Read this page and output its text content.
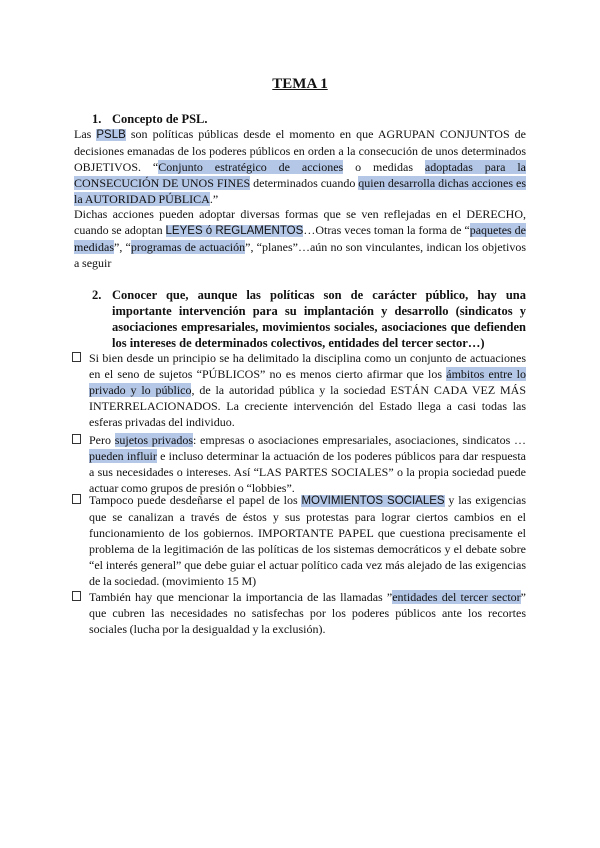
TEMA 1
1. Concepto de PSL.
Las PSLB son políticas públicas desde el momento en que AGRUPAN CONJUNTOS de decisiones emanadas de los poderes públicos en orden a la consecución de unos determinados OBJETIVOS. “Conjunto estratégico de acciones o medidas adoptadas para la CONSECUCIÓN DE UNOS FINES determinados cuando quien desarrolla dichas acciones es la AUTORIDAD PÚBLICA.”
Dichas acciones pueden adoptar diversas formas que se ven reflejadas en el DERECHO, cuando se adoptan LEYES ó REGLAMENTOS…Otras veces toman la forma de “paquetes de medidas”, “programas de actuación”, “planes”…aún no son vinculantes, indican los objetivos a seguir
2. Conocer que, aunque las políticas son de carácter público, hay una importante intervención para su implantación y desarrollo (sindicatos y asociaciones empresariales, movimientos sociales, asociaciones que defienden los intereses de determinados colectivos, entidades del tercer sector…)
Si bien desde un principio se ha delimitado la disciplina como un conjunto de actuaciones en el seno de sujetos “PÚBLICOS” no es menos cierto afirmar que los ámbitos entre lo privado y lo público, de la autoridad pública y la sociedad ESTÁN CADA VEZ MÁS INTERRELACIONADOS. La creciente intervención del Estado llega a casi todas las esferas privadas del individuo.
Pero sujetos privados: empresas o asociaciones empresariales, asociaciones, sindicatos … pueden influir e incluso determinar la actuación de los poderes públicos para dar respuesta a sus necesidades o intereses. Así “LAS PARTES SOCIALES” o la propia sociedad puede actuar como grupos de presión o “lobbies”.
Tampoco puede desdeñarse el papel de los MOVIMIENTOS SOCIALES y las exigencias que se canalizan a través de éstos y sus protestas para lograr ciertos cambios en el funcionamiento de los gobiernos. IMPORTANTE PAPEL que cuestiona precisamente el problema de la legitimación de las políticas de los sistemas democráticos y el debate sobre “el interés general” que debe guiar el actuar político cada vez más alejado de las exigencias de la sociedad. (movimiento 15 M)
También hay que mencionar la importancia de las llamadas ”entidades del tercer sector” que cubren las necesidades no satisfechas por los poderes públicos ante los recortes sociales (lucha por la desigualdad y la exclusión).
